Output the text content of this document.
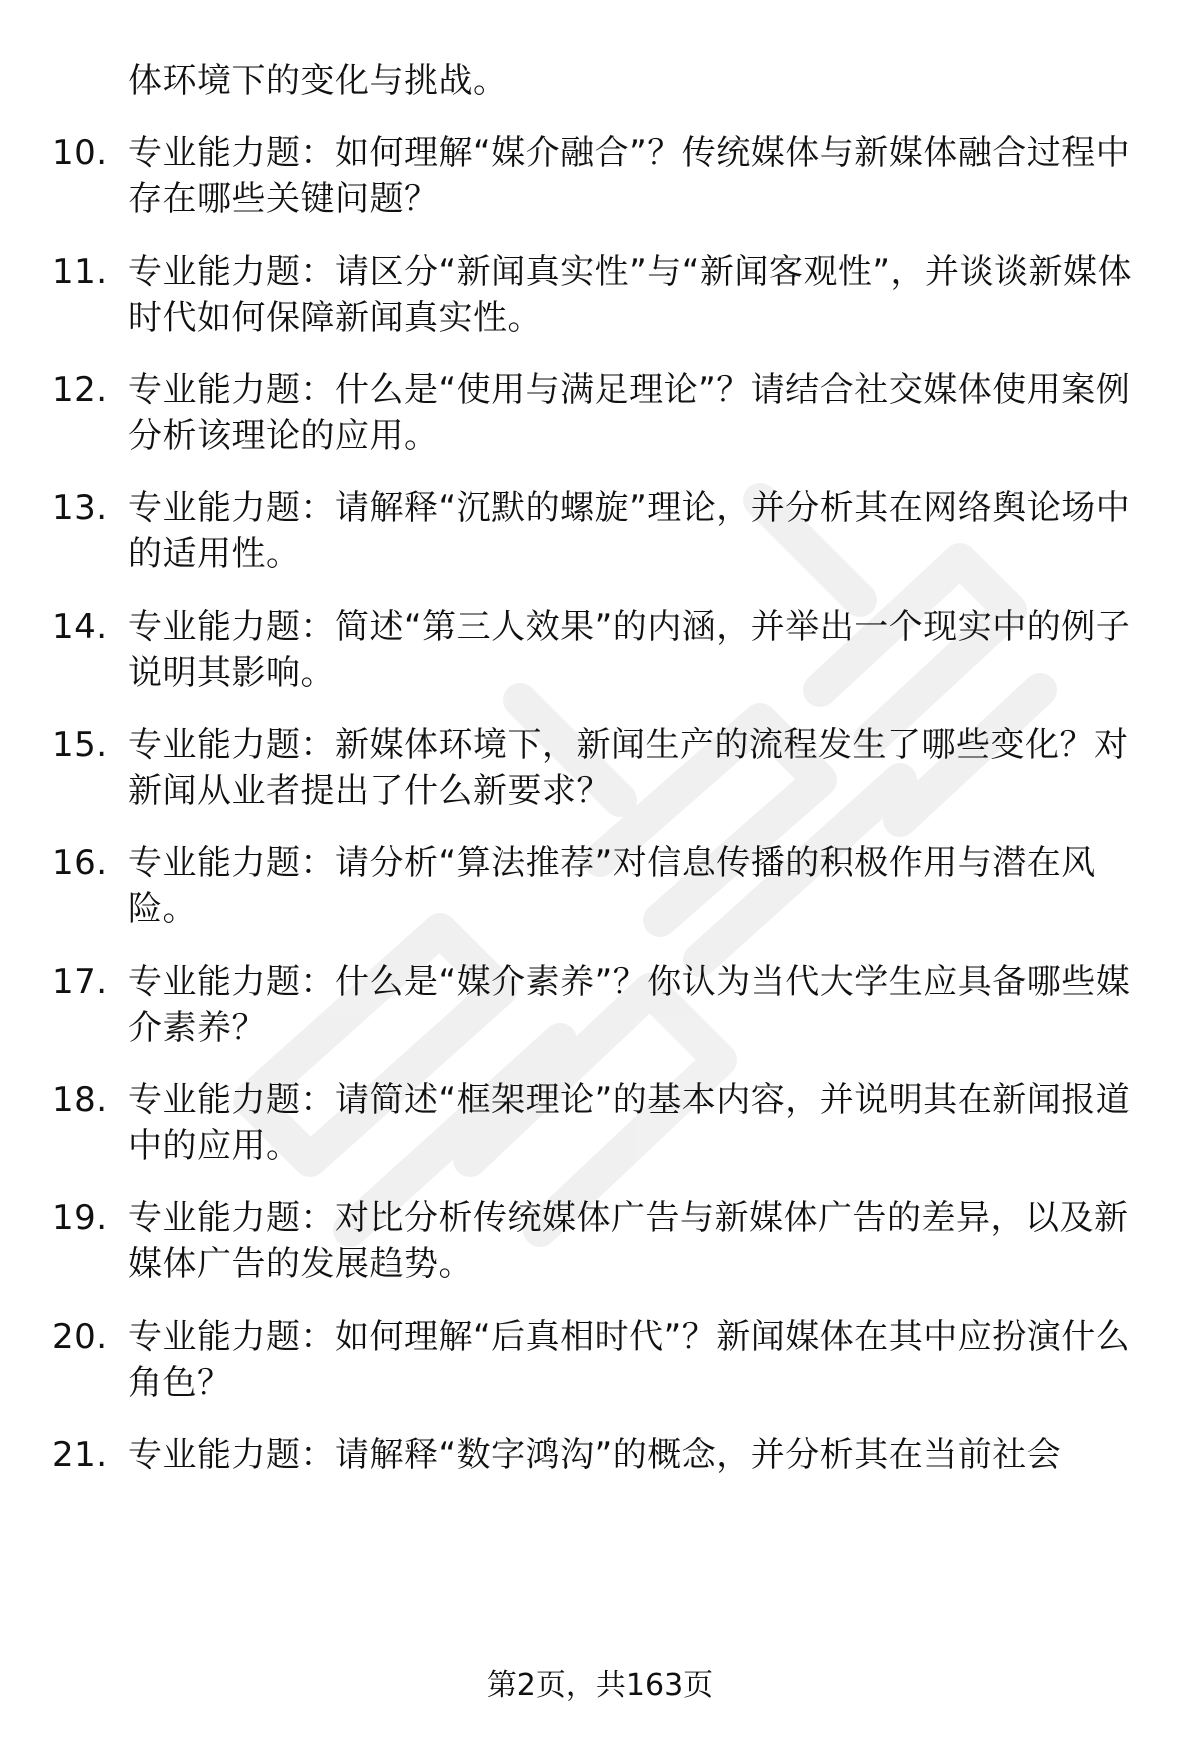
体环境下的变化与挑战。
10. 专业能力题：如何理解“媒介融合”？传统媒体与新媒体融合过程中存在哪些关键问题？
11. 专业能力题：请区分“新闻真实性”与“新闻客观性”，并谈谈新媒体时代如何保障新闻真实性。
12. 专业能力题：什么是“使用与满足理论”？请结合社交媒体使用案例分析该理论的应用。
13. 专业能力题：请解释“沉默的螺旋”理论，并分析其在网络舆论场中的适用性。
14. 专业能力题：简述“第三人效果”的内涵，并举出一个现实中的例子说明其影响。
15. 专业能力题：新媒体环境下，新闻生产的流程发生了哪些变化？对新闻从业者提出了什么新要求？
16. 专业能力题：请分析“算法推荐”对信息传播的积极作用与潜在风险。
17. 专业能力题：什么是“媒介素养”？你认为当代大学生应具备哪些媒介素养？
18. 专业能力题：请简述“框架理论”的基本内容，并说明其在新闻报道中的应用。
19. 专业能力题：对比分析传统媒体广告与新媒体广告的差异，以及新媒体广告的发展趋势。
20. 专业能力题：如何理解“后真相时代”？新闻媒体在其中应扮演什么角色？
21. 专业能力题：请解释“数字鸿沟”的概念，并分析其在当前社会
第2页，共163页
